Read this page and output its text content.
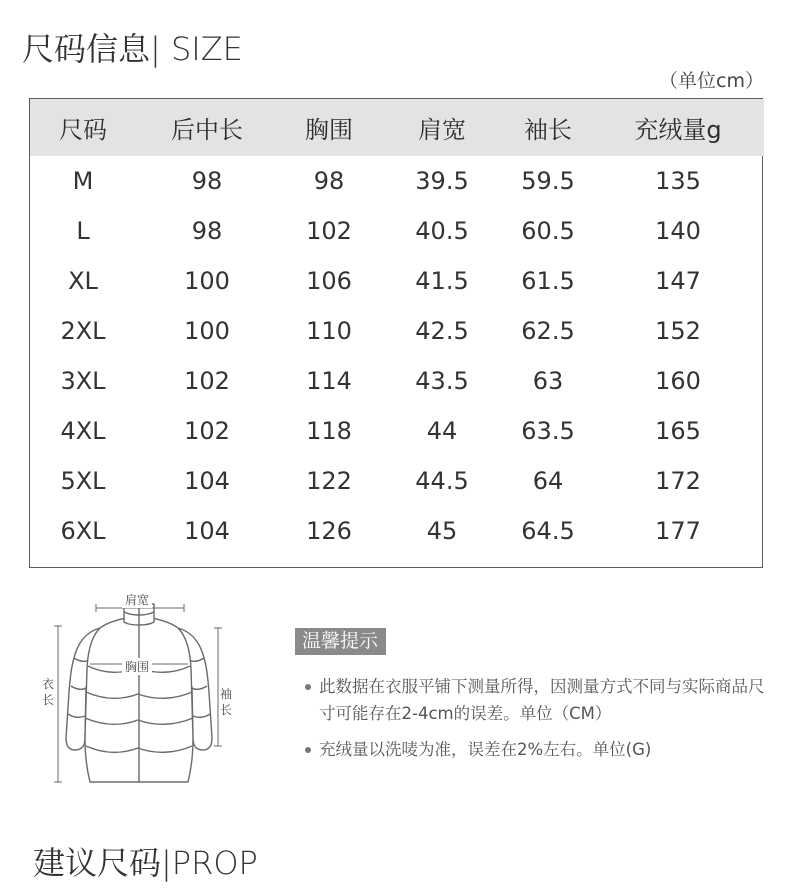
尺码信息| SIZE
（单位cm）
尺码	后中长	胸围	肩宽	袖长	充绒量g
M	98	98	39.5	59.5	135
L	98	102	40.5	60.5	140
XL	100	106	41.5	61.5	147
2XL	100	110	42.5	62.5	152
3XL	102	114	43.5	63	160
4XL	102	118	44	63.5	165
5XL	104	122	44.5	64	172
6XL	104	126	45	64.5	177
肩宽
胸围
衣长	袖长
温馨提示
此数据在衣服平铺下测量所得，因测量方式不同与实际商品尺寸可能存在2-4cm的误差。单位（CM）
充绒量以洗唛为准，误差在2%左右。单位(G)
建议尺码|PROP
